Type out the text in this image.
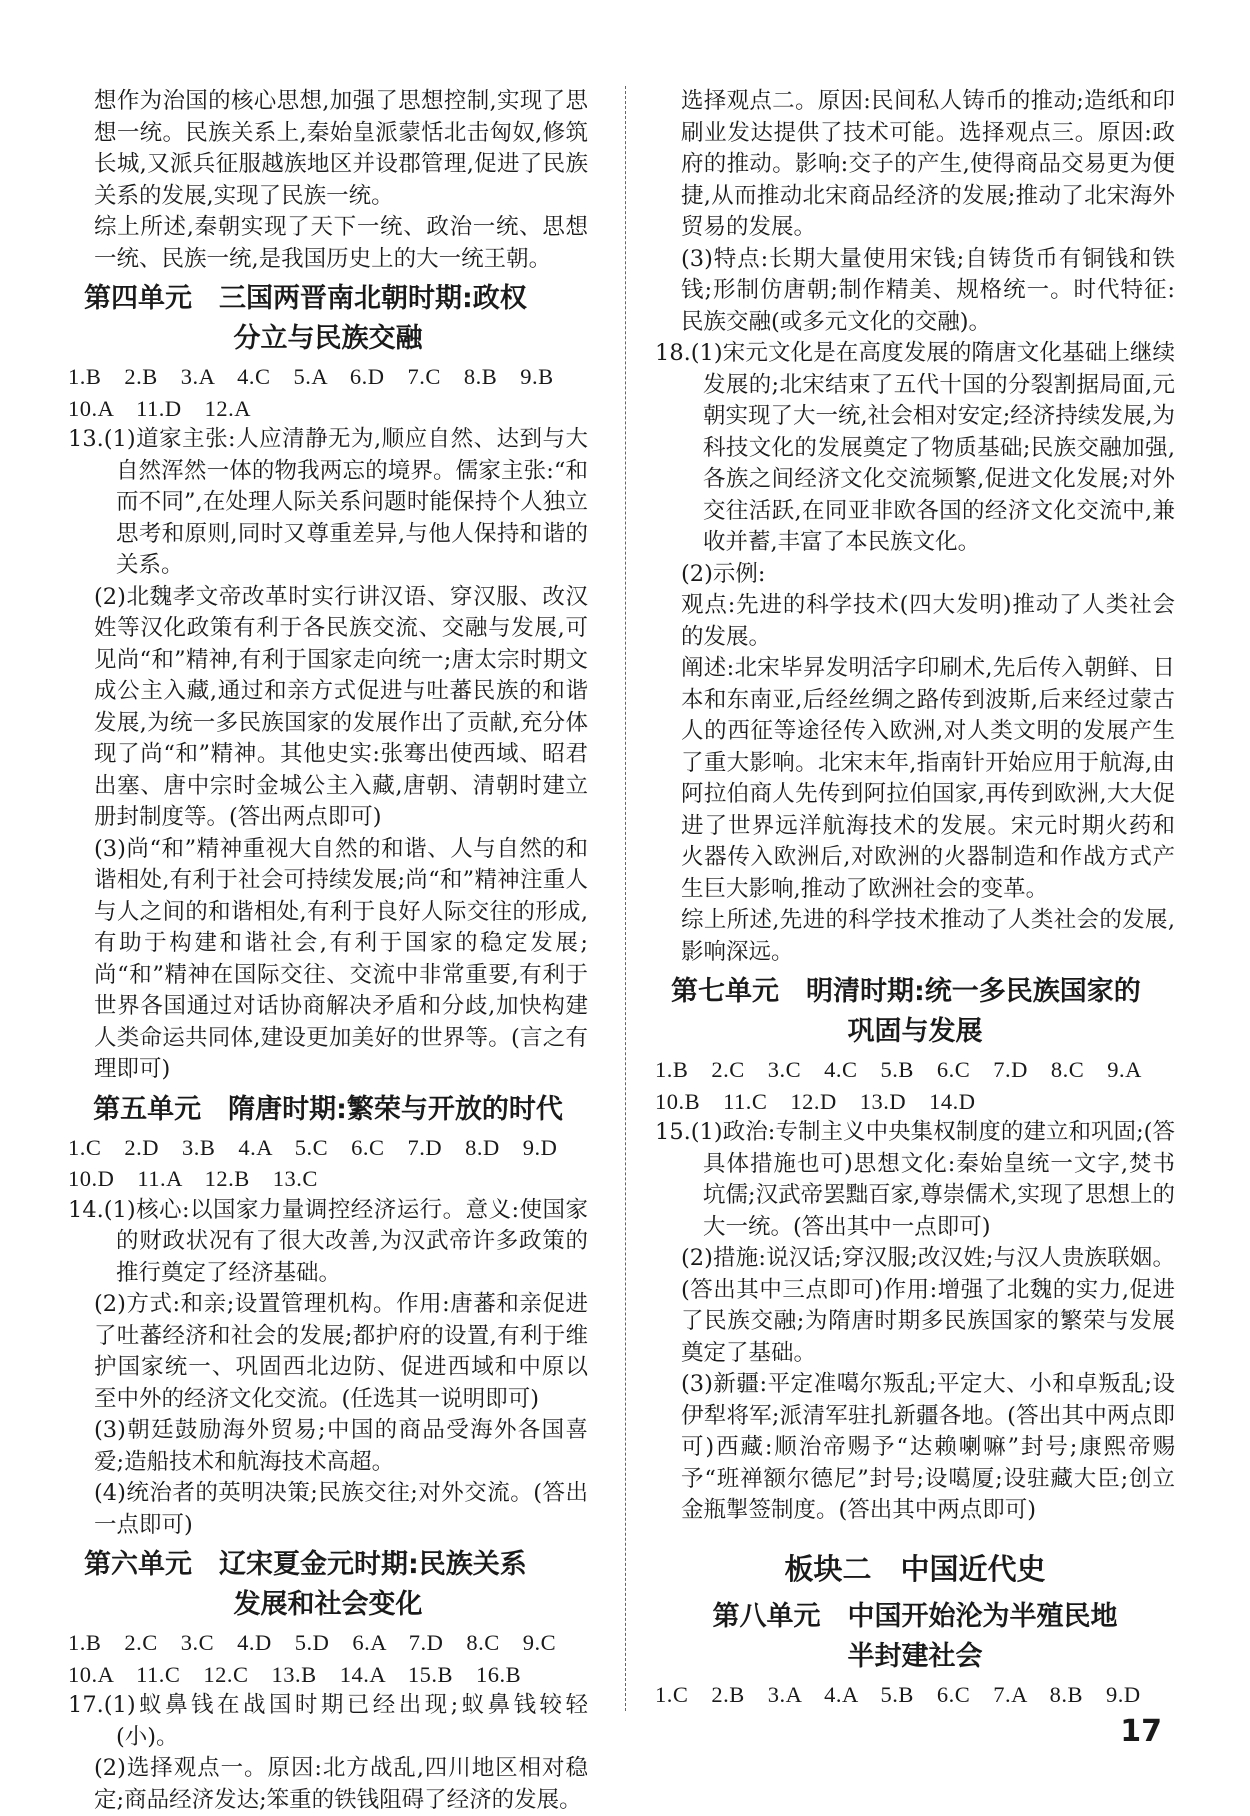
想作为治国的核心思想,加强了思想控制,实现了思想一统。民族关系上,秦始皇派蒙恬北击匈奴,修筑长城,又派兵征服越族地区并设郡管理,促进了民族关系的发展,实现了民族一统。

综上所述,秦朝实现了天下一统、政治一统、思想一统、民族一统,是我国历史上的大一统王朝。

第四单元　三国两晋南北朝时期:政权
分立与民族交融

1.B　2.B　3.A　4.C　5.A　6.D　7.C　8.B　9.B

10.A　11.D　12.A

13.(1)道家主张:人应清静无为,顺应自然、达到与大自然浑然一体的物我两忘的境界。儒家主张:“和而不同”,在处理人际关系问题时能保持个人独立思考和原则,同时又尊重差异,与他人保持和谐的关系。

(2)北魏孝文帝改革时实行讲汉语、穿汉服、改汉姓等汉化政策有利于各民族交流、交融与发展,可见尚“和”精神,有利于国家走向统一;唐太宗时期文成公主入藏,通过和亲方式促进与吐蕃民族的和谐发展,为统一多民族国家的发展作出了贡献,充分体现了尚“和”精神。其他史实:张骞出使西域、昭君出塞、唐中宗时金城公主入藏,唐朝、清朝时建立册封制度等。(答出两点即可)

(3)尚“和”精神重视大自然的和谐、人与自然的和谐相处,有利于社会可持续发展;尚“和”精神注重人与人之间的和谐相处,有利于良好人际交往的形成,有助于构建和谐社会,有利于国家的稳定发展;尚“和”精神在国际交往、交流中非常重要,有利于世界各国通过对话协商解决矛盾和分歧,加快构建人类命运共同体,建设更加美好的世界等。(言之有理即可)

第五单元　隋唐时期:繁荣与开放的时代

1.C　2.D　3.B　4.A　5.C　6.C　7.D　8.D　9.D

10.D　11.A　12.B　13.C

14.(1)核心:以国家力量调控经济运行。意义:使国家的财政状况有了很大改善,为汉武帝许多政策的推行奠定了经济基础。

(2)方式:和亲;设置管理机构。作用:唐蕃和亲促进了吐蕃经济和社会的发展;都护府的设置,有利于维护国家统一、巩固西北边防、促进西域和中原以至中外的经济文化交流。(任选其一说明即可)

(3)朝廷鼓励海外贸易;中国的商品受海外各国喜爱;造船技术和航海技术高超。

(4)统治者的英明决策;民族交往;对外交流。(答出一点即可)

第六单元　辽宋夏金元时期:民族关系
发展和社会变化

1.B　2.C　3.C　4.D　5.D　6.A　7.D　8.C　9.C

10.A　11.C　12.C　13.B　14.A　15.B　16.B

17.(1)蚁鼻钱在战国时期已经出现;蚁鼻钱较轻(小)。

(2)选择观点一。原因:北方战乱,四川地区相对稳定;商品经济发达;笨重的铁钱阻碍了经济的发展。

选择观点二。原因:民间私人铸币的推动;造纸和印刷业发达提供了技术可能。选择观点三。原因:政府的推动。影响:交子的产生,使得商品交易更为便捷,从而推动北宋商品经济的发展;推动了北宋海外贸易的发展。

(3)特点:长期大量使用宋钱;自铸货币有铜钱和铁钱;形制仿唐朝;制作精美、规格统一。时代特征:民族交融(或多元文化的交融)。

18.(1)宋元文化是在高度发展的隋唐文化基础上继续发展的;北宋结束了五代十国的分裂割据局面,元朝实现了大一统,社会相对安定;经济持续发展,为科技文化的发展奠定了物质基础;民族交融加强,各族之间经济文化交流频繁,促进文化发展;对外交往活跃,在同亚非欧各国的经济文化交流中,兼收并蓄,丰富了本民族文化。

(2)示例:

观点:先进的科学技术(四大发明)推动了人类社会的发展。

阐述:北宋毕昇发明活字印刷术,先后传入朝鲜、日本和东南亚,后经丝绸之路传到波斯,后来经过蒙古人的西征等途径传入欧洲,对人类文明的发展产生了重大影响。北宋末年,指南针开始应用于航海,由阿拉伯商人先传到阿拉伯国家,再传到欧洲,大大促进了世界远洋航海技术的发展。宋元时期火药和火器传入欧洲后,对欧洲的火器制造和作战方式产生巨大影响,推动了欧洲社会的变革。

综上所述,先进的科学技术推动了人类社会的发展,影响深远。

第七单元　明清时期:统一多民族国家的
巩固与发展

1.B　2.C　3.C　4.C　5.B　6.C　7.D　8.C　9.A

10.B　11.C　12.D　13.D　14.D

15.(1)政治:专制主义中央集权制度的建立和巩固;(答具体措施也可)思想文化:秦始皇统一文字,焚书坑儒;汉武帝罢黜百家,尊崇儒术,实现了思想上的大一统。(答出其中一点即可)

(2)措施:说汉话;穿汉服;改汉姓;与汉人贵族联姻。(答出其中三点即可)作用:增强了北魏的实力,促进了民族交融;为隋唐时期多民族国家的繁荣与发展奠定了基础。

(3)新疆:平定准噶尔叛乱;平定大、小和卓叛乱;设伊犁将军;派清军驻扎新疆各地。(答出其中两点即可)西藏:顺治帝赐予“达赖喇嘛”封号;康熙帝赐予“班禅额尔德尼”封号;设噶厦;设驻藏大臣;创立金瓶掣签制度。(答出其中两点即可)

板块二　中国近代史
第八单元　中国开始沦为半殖民地
半封建社会

1.C　2.B　3.A　4.A　5.B　6.C　7.A　8.B　9.D

17
